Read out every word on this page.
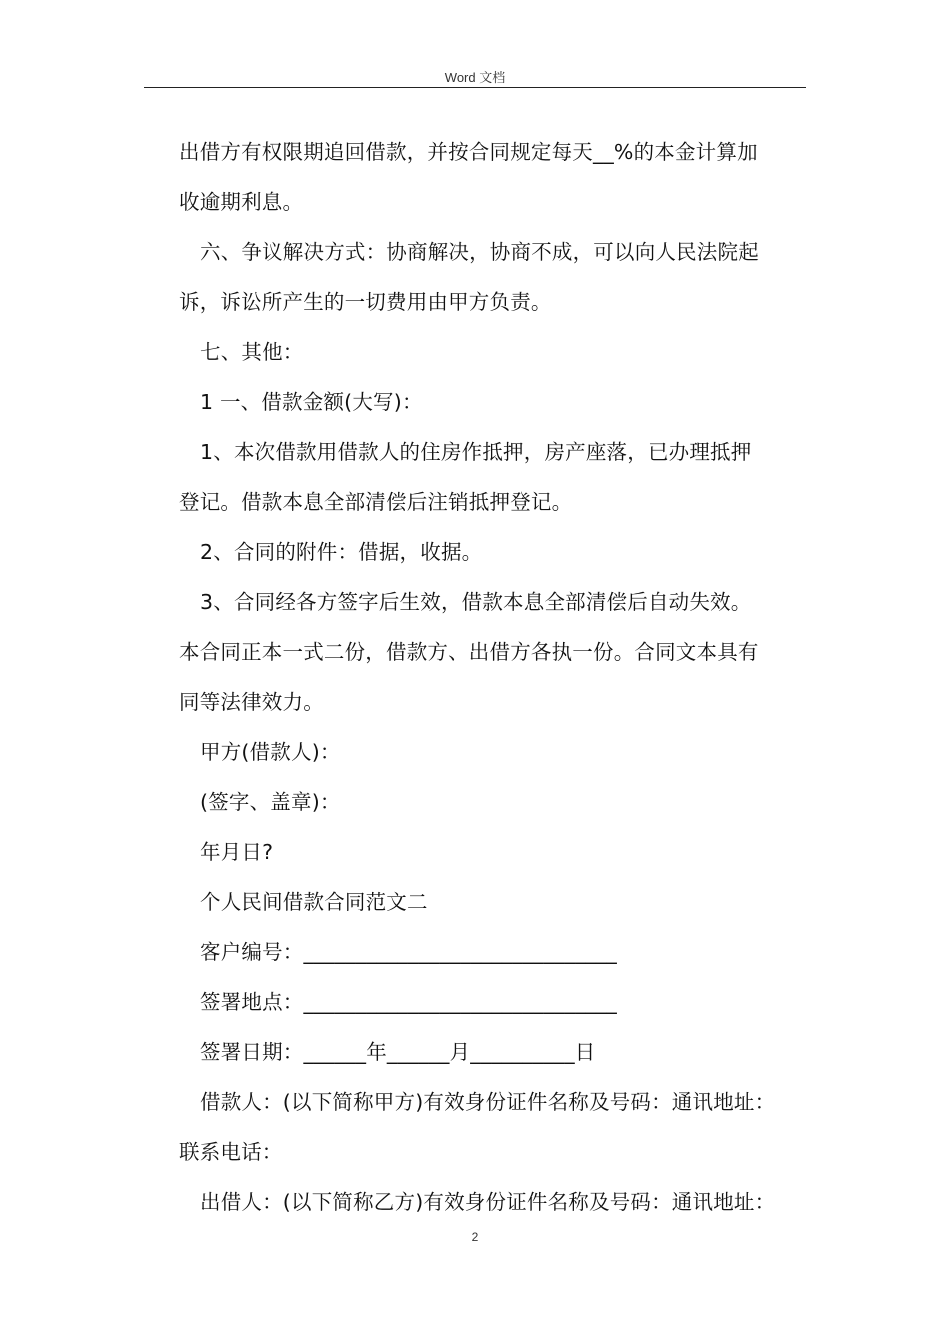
Word 文档
出借方有权限期追回借款，并按合同规定每天__%的本金计算加
收逾期利息。
六、争议解决方式：协商解决，协商不成，可以向人民法院起
诉，诉讼所产生的一切费用由甲方负责。
七、其他：
1 一、借款金额(大写)：
1、本次借款用借款人的住房作抵押，房产座落，已办理抵押
登记。借款本息全部清偿后注销抵押登记。
2、合同的附件：借据，收据。
3、合同经各方签字后生效，借款本息全部清偿后自动失效。
本合同正本一式二份，借款方、出借方各执一份。合同文本具有
同等法律效力。
甲方(借款人)：
(签字、盖章)：
年月日?
个人民间借款合同范文二
客户编号：______________________________
签署地点：______________________________
签署日期：______年______月__________日
借款人：(以下简称甲方)有效身份证件名称及号码：通讯地址：
联系电话：
出借人：(以下简称乙方)有效身份证件名称及号码：通讯地址：
2
